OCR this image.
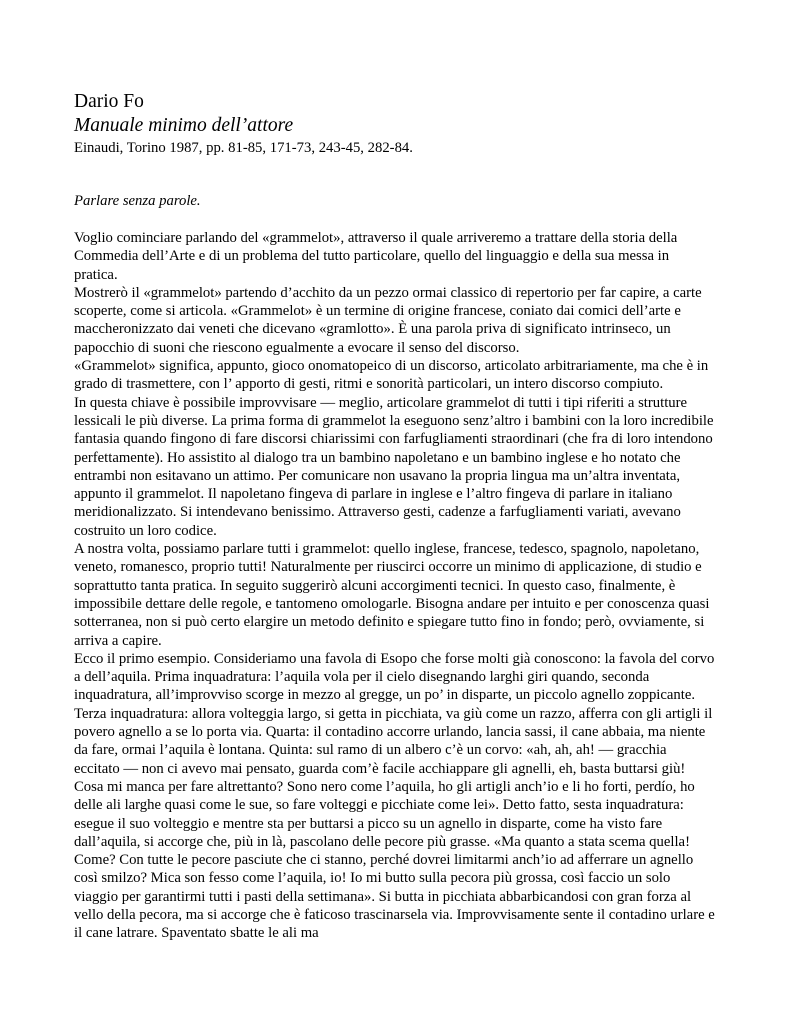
Dario Fo
Manuale minimo dell’attore
Einaudi, Torino 1987, pp. 81-85, 171-73, 243-45, 282-84.
Parlare senza parole.

Voglio cominciare parlando del «grammelot», attraverso il quale arriveremo a trattare della storia della Commedia dell’Arte e di un problema del tutto particolare, quello del linguaggio e della sua messa in pratica.

Mostrerò il «grammelot» partendo d’acchito da un pezzo ormai classico di repertorio per far capire, a carte scoperte, come si articola. «Grammelot» è un termine di origine francese, coniato dai comici dell’arte e maccheronizzato dai veneti che dicevano «gramlotto». È una parola priva di significato intrinseco, un papocchio di suoni che riescono egualmente a evocare il senso del discorso.

«Grammelot» significa, appunto, gioco onomatopeico di un discorso, articolato arbitrariamente, ma che è in grado di trasmettere, con l’ apporto di gesti, ritmi e sonorità particolari, un intero discorso compiuto.

In questa chiave è possibile improvvisare — meglio, articolare grammelot di tutti i tipi riferiti a strutture lessicali le più diverse. La prima forma di grammelot la eseguono senz’altro i bambini con la loro incredibile fantasia quando fingono di fare discorsi chiarissimi con farfugliamenti straordinari (che fra di loro intendono perfettamente). Ho assistito al dialogo tra un bambino napoletano e un bambino inglese e ho notato che entrambi non esitavano un attimo. Per comunicare non usavano la propria lingua ma un’altra inventata, appunto il grammelot. Il napoletano fingeva di parlare in inglese e l’altro fingeva di parlare in italiano meridionalizzato. Si intendevano benissimo. Attraverso gesti, cadenze a farfugliamenti variati, avevano costruito un loro codice.

A nostra volta, possiamo parlare tutti i grammelot: quello inglese, francese, tedesco, spagnolo, napoletano, veneto, romanesco, proprio tutti! Naturalmente per riuscirci occorre un minimo di applicazione, di studio e soprattutto tanta pratica. In seguito suggerirò alcuni accorgimenti tecnici. In questo caso, finalmente, è impossibile dettare delle regole, e tantomeno omologarle. Bisogna andare per intuito e per conoscenza quasi sotterranea, non si può certo elargire un metodo definito e spiegare tutto fino in fondo; però, ovviamente, si arriva a capire.

Ecco il primo esempio. Consideriamo una favola di Esopo che forse molti già conoscono: la favola del corvo a dell’aquila. Prima inquadratura: l’aquila vola per il cielo disegnando larghi giri quando, seconda inquadratura, all’improvviso scorge in mezzo al gregge, un po’ in disparte, un piccolo agnello zoppicante. Terza inquadratura: allora volteggia largo, si getta in picchiata, va giù come un razzo, afferra con gli artigli il povero agnello a se lo porta via. Quarta: il contadino accorre urlando, lancia sassi, il cane abbaia, ma niente da fare, ormai l’aquila è lontana. Quinta: sul ramo di un albero c’è un corvo: «ah, ah, ah! — gracchia eccitato — non ci avevo mai pensato, guarda com’è facile acchiappare gli agnelli, eh, basta buttarsi giù! Cosa mi manca per fare altrettanto? Sono nero come l’aquila, ho gli artigli anch’io e li ho forti, perdío, ho delle ali larghe quasi come le sue, so fare volteggi e picchiate come lei». Detto fatto, sesta inquadratura: esegue il suo volteggio e mentre sta per buttarsi a picco su un agnello in disparte, come ha visto fare dall’aquila, si accorge che, più in là, pascolano delle pecore più grasse. «Ma quanto a stata scema quella! Come? Con tutte le pecore pasciute che ci stanno, perché dovrei limitarmi anch’io ad afferrare un agnello così smilzo? Mica son fesso come l’aquila, io! Io mi butto sulla pecora più grossa, così faccio un solo viaggio per garantirmi tutti i pasti della settimana». Si butta in picchiata abbarbicandosi con gran forza al vello della pecora, ma si accorge che è faticoso trascinarsela via. Improvvisamente sente il contadino urlare e il cane latrare. Spaventato sbatte le ali ma
